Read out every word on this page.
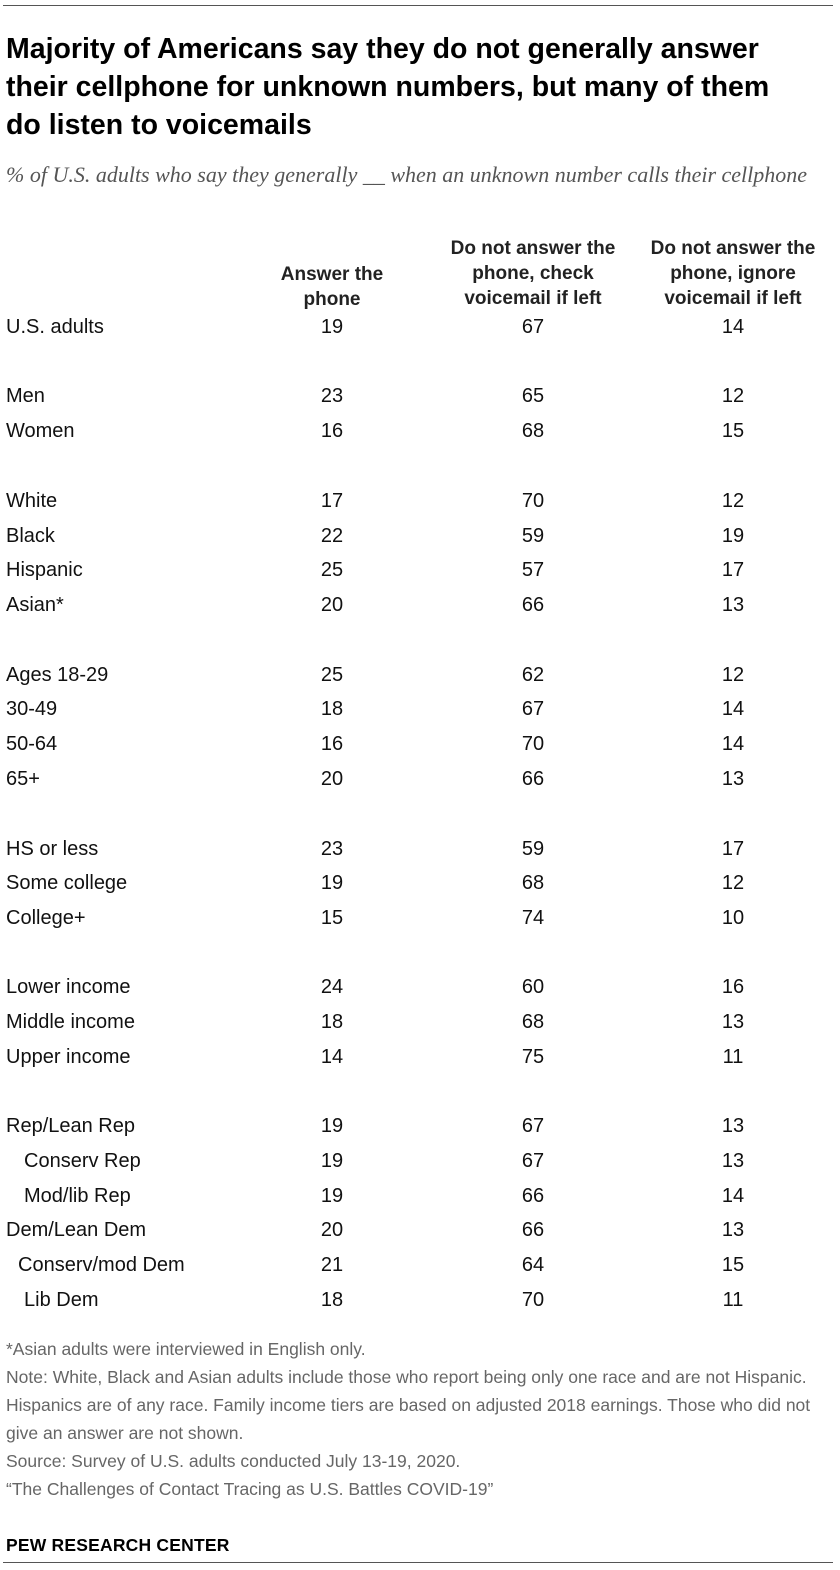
Majority of Americans say they do not generally answer their cellphone for unknown numbers, but many of them do listen to voicemails
% of U.S. adults who say they generally __ when an unknown number calls their cellphone
Answer the
phone
Do not answer the
phone, check
voicemail if left
Do not answer the
phone, ignore
voicemail if left
U.S. adults	19	67	14
Men	23	65	12
Women	16	68	15
White	17	70	12
Black	22	59	19
Hispanic	25	57	17
Asian*	20	66	13
Ages 18-29	25	62	12
30-49	18	67	14
50-64	16	70	14
65+	20	66	13
HS or less	23	59	17
Some college	19	68	12
College+	15	74	10
Lower income	24	60	16
Middle income	18	68	13
Upper income	14	75	11
Rep/Lean Rep	19	67	13
Conserv Rep	19	67	13
Mod/lib Rep	19	66	14
Dem/Lean Dem	20	66	13
Conserv/mod Dem	21	64	15
Lib Dem	18	70	11
*Asian adults were interviewed in English only.
Note: White, Black and Asian adults include those who report being only one race and are not Hispanic. Hispanics are of any race. Family income tiers are based on adjusted 2018 earnings. Those who did not give an answer are not shown.
Source: Survey of U.S. adults conducted July 13-19, 2020.
“The Challenges of Contact Tracing as U.S. Battles COVID-19”
PEW RESEARCH CENTER
